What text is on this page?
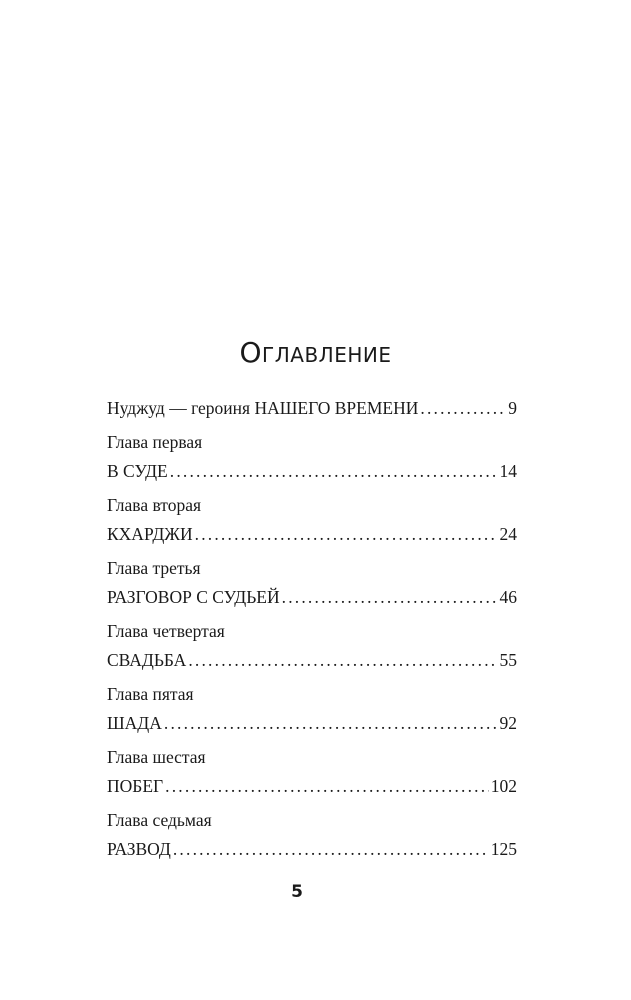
Оглавление
Нуджуд — героиня НАШЕГО ВРЕМЕНИ .....	9
Глава первая
В СУДЕ .....	14
Глава вторая
КХАРДЖИ .....	24
Глава третья
РАЗГОВОР С СУДЬЕЙ .....	46
Глава четвертая
СВАДЬБА .....	55
Глава пятая
ШАДА .....	92
Глава шестая
ПОБЕГ .....	102
Глава седьмая
РАЗВОД .....	125
5
